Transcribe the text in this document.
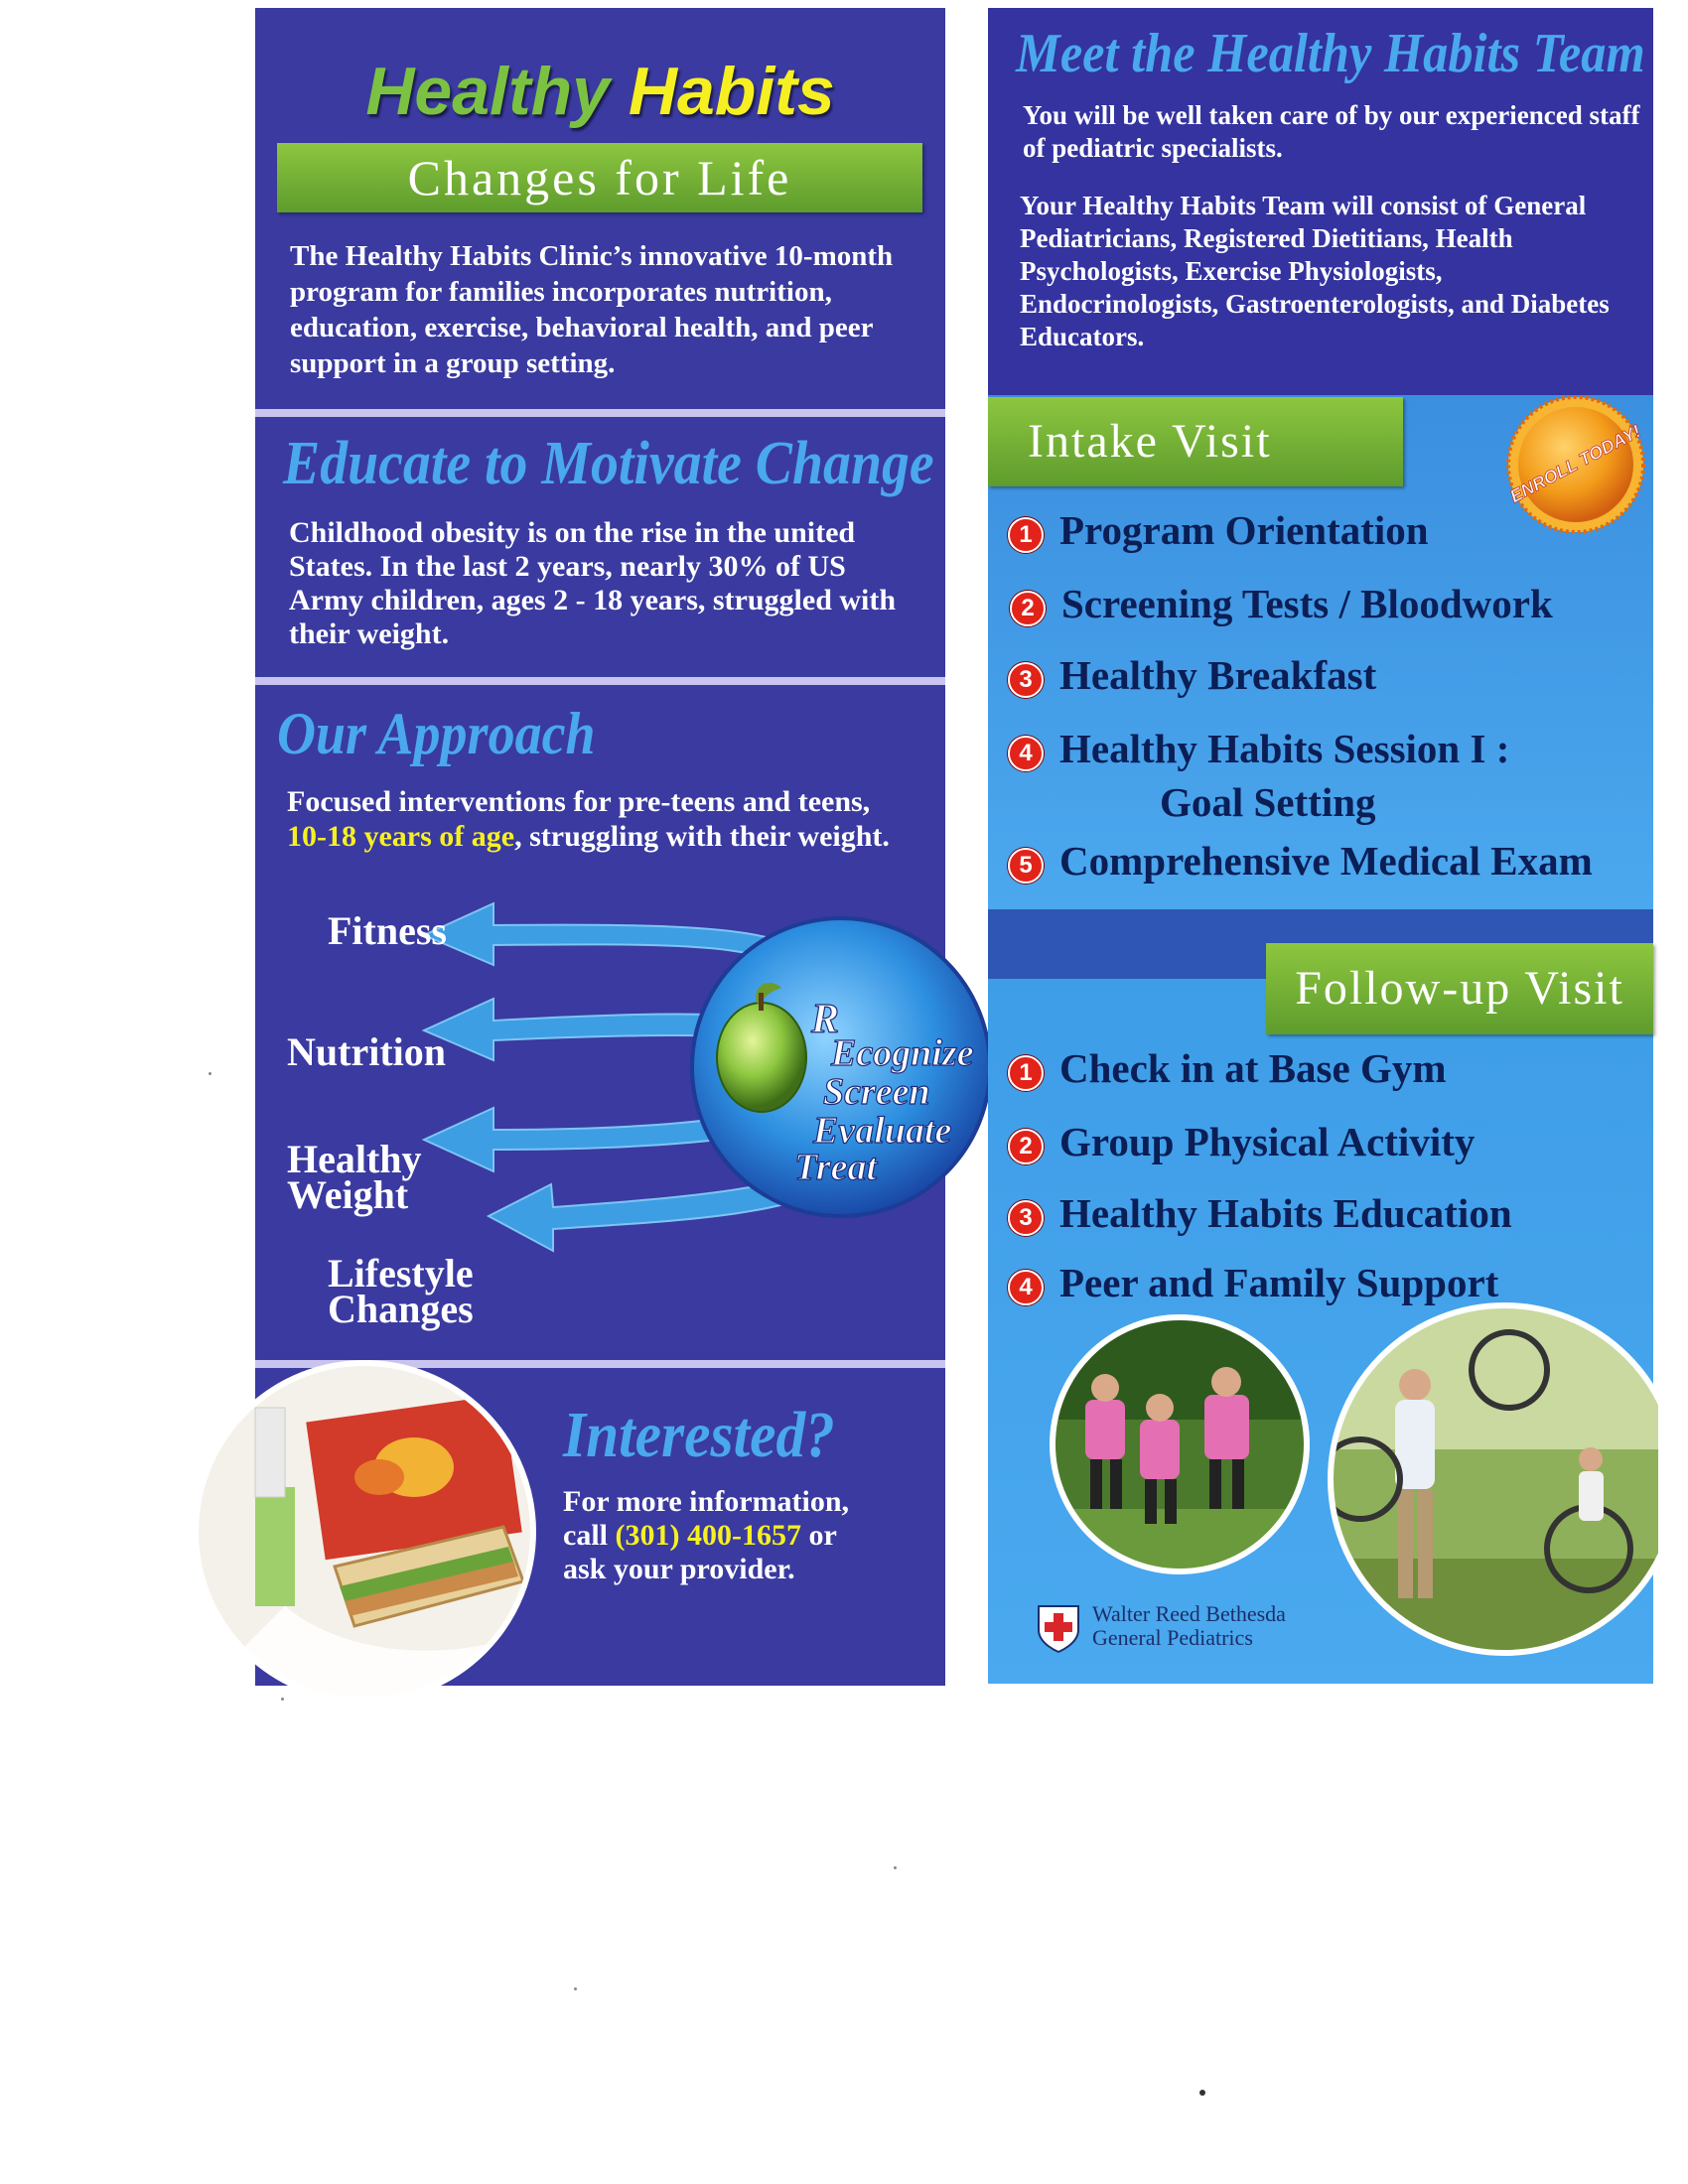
Healthy Habits
Changes for Life
The Healthy Habits Clinic’s innovative 10-month program for families incorporates nutrition, education, exercise, behavioral health, and peer support in a group setting.
Educate to Motivate Change
Childhood obesity is on the rise in the united States. In the last 2 years, nearly 30% of US Army children, ages 2 - 18 years, struggled with their weight.
Our Approach
Focused interventions for pre-teens and teens, 10-18 years of age, struggling with their weight.
R
Ecognize
Screen
Evaluate
Treat
Fitness
Nutrition
Healthy Weight
Lifestyle Changes
Interested?
For more information,
call (301) 400-1657 or
ask your provider.
Meet the Healthy Habits Team
You will be well taken care of by our experienced staff of pediatric specialists.
Your Healthy Habits Team will consist of General Pediatricians, Registered Dietitians, Health Psychologists, Exercise Physiologists, Endocrinologists, Gastroenterologists, and Diabetes Educators.
Intake Visit	ENROLL TODAY!
1 Program Orientation
2 Screening Tests / Bloodwork
3 Healthy Breakfast
4 Healthy Habits Session I :
Goal Setting
5 Comprehensive Medical Exam
Follow-up Visit
1 Check in at Base Gym
2 Group Physical Activity
3 Healthy Habits Education
4 Peer and Family Support
Walter Reed Bethesda
General Pediatrics
